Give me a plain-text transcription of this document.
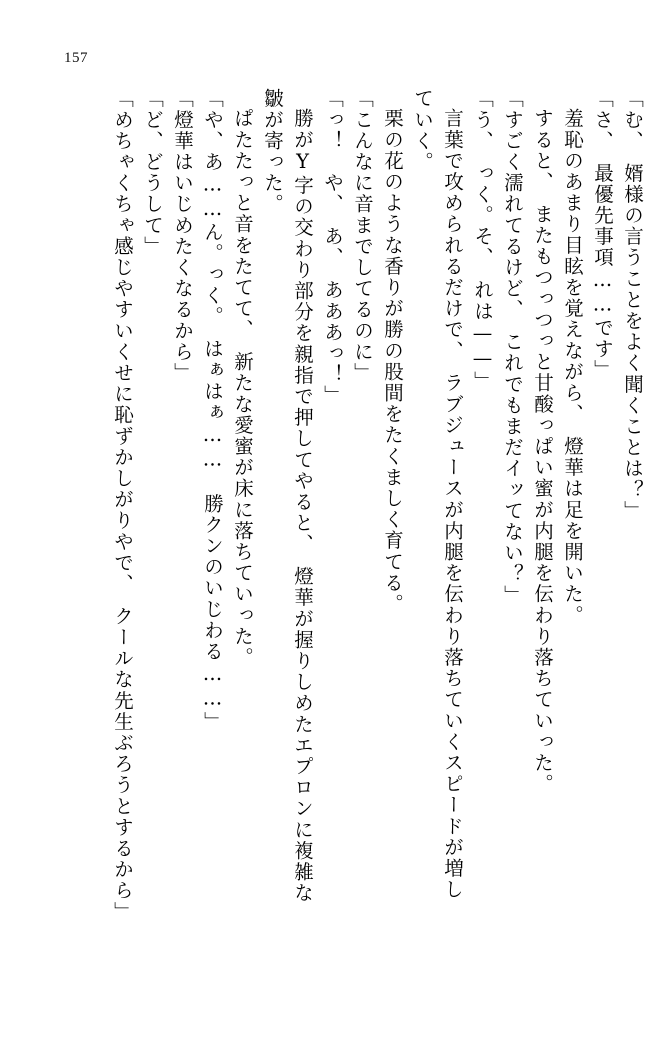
157
「む、　婿様の言うことをよく聞くことは？」
「さ、　最優先事項……です」
羞恥のあまり目眩を覚えながら、　燈華は足を開いた。
すると、　またもつっつっと甘酸っぱい蜜が内腿を伝わり落ちていった。
「すごく濡れてるけど、　これでもまだイッてない？」
「う、　っく。そ、　れは——」
言葉で攻められるだけで、　ラブジュースが内腿を伝わり落ちていくスピードが増し
ていく。
栗の花のような香りが勝の股間をたくましく育てる。
「こんなに音までしてるのに」
「っ！　や、　あ、　あああっ！」
勝がY字の交わり部分を親指で押してやると、　燈華が握りしめたエプロンに複雑な
皺が寄った。
ぱたたっと音をたてて、　新たな愛蜜が床に落ちていった。
「や、あ……ん。っく。　はぁはぁ……　勝クンのいじわる……」
「燈華はいじめたくなるから」
「ど、どうして」
「めちゃくちゃ感じやすいくせに恥ずかしがりやで、　クールな先生ぶろうとするから」
